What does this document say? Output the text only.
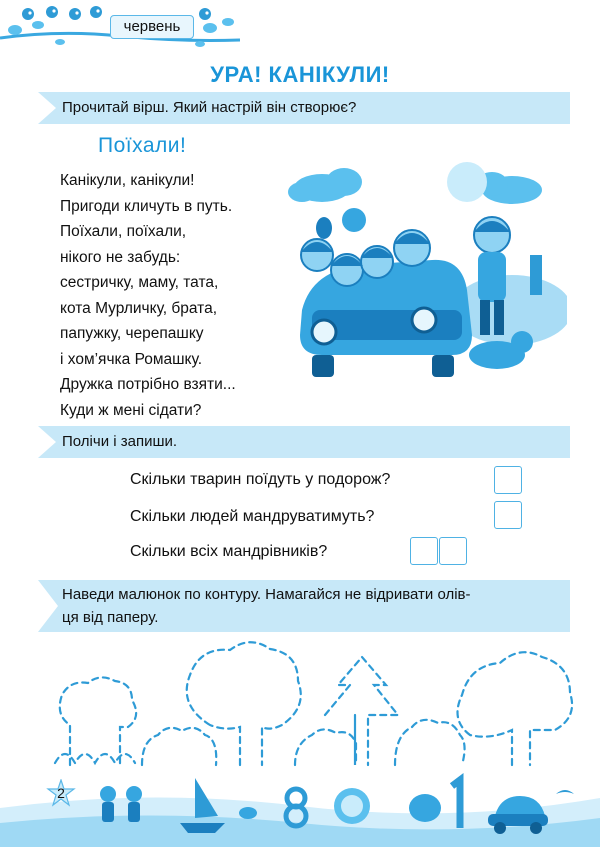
червень
УРА! КАНІКУЛИ!
Прочитай вірш. Який настрій він створює?
Поїхали!
Канікули, канікули!
Пригоди кличуть в путь.
Поїхали, поїхали,
нікого не забудь:
сестричку, маму, тата,
кота Мурличку, брата,
папужку, черепашку
і хом’ячка Ромашку.
Дружка потрібно взяти...
Куди ж мені сідати?
Полічи і запиши.
Скільки тварин поїдуть у подорож?
Скільки людей мандруватимуть?
Скільки всіх мандрівників?
Наведи малюнок по контуру. Намагайся не відривати олів-
ця від паперу.
2
